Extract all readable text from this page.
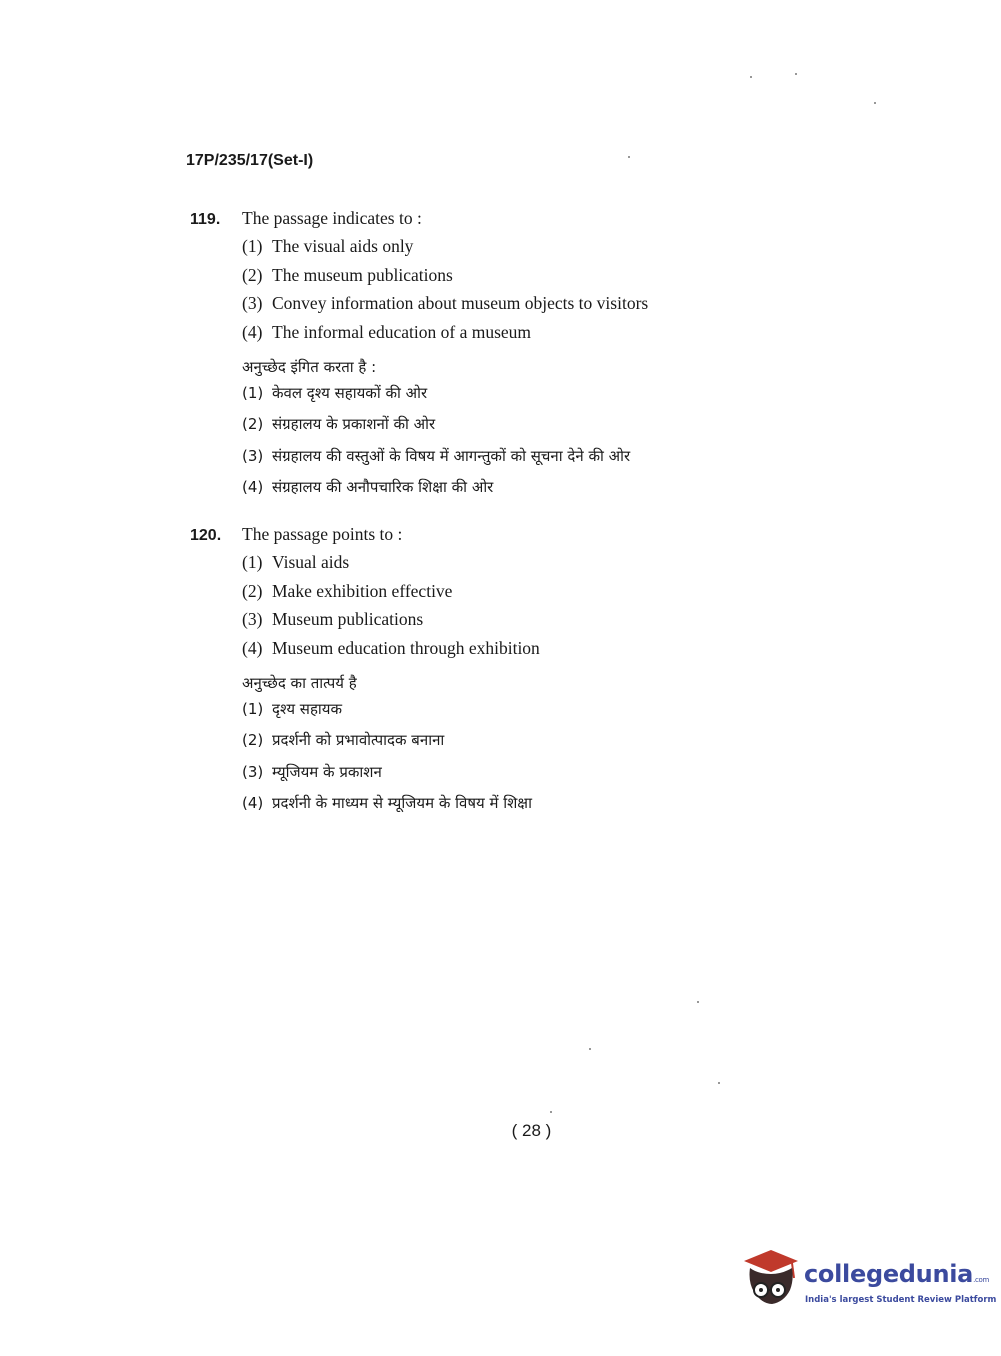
17P/235/17(Set-I)
119.	The passage indicates to :
(1) The visual aids only
(2) The museum publications
(3) Convey information about museum objects to visitors
(4) The informal education of a museum
अनुच्छेद इंगित करता है :
(1) केवल दृश्य सहायकों की ओर
(2) संग्रहालय के प्रकाशनों की ओर
(3) संग्रहालय की वस्तुओं के विषय में आगन्तुकों को सूचना देने की ओर
(4) संग्रहालय की अनौपचारिक शिक्षा की ओर
120.	The passage points to :
(1) Visual aids
(2) Make exhibition effective
(3) Museum publications
(4) Museum education through exhibition
अनुच्छेद का तात्पर्य है
(1) दृश्य सहायक
(2) प्रदर्शनी को प्रभावोत्पादक बनाना
(3) म्यूजियम के प्रकाशन
(4) प्रदर्शनी के माध्यम से म्यूजियम के विषय में शिक्षा
( 28 )
collegedunia.com
India's largest Student Review Platform
